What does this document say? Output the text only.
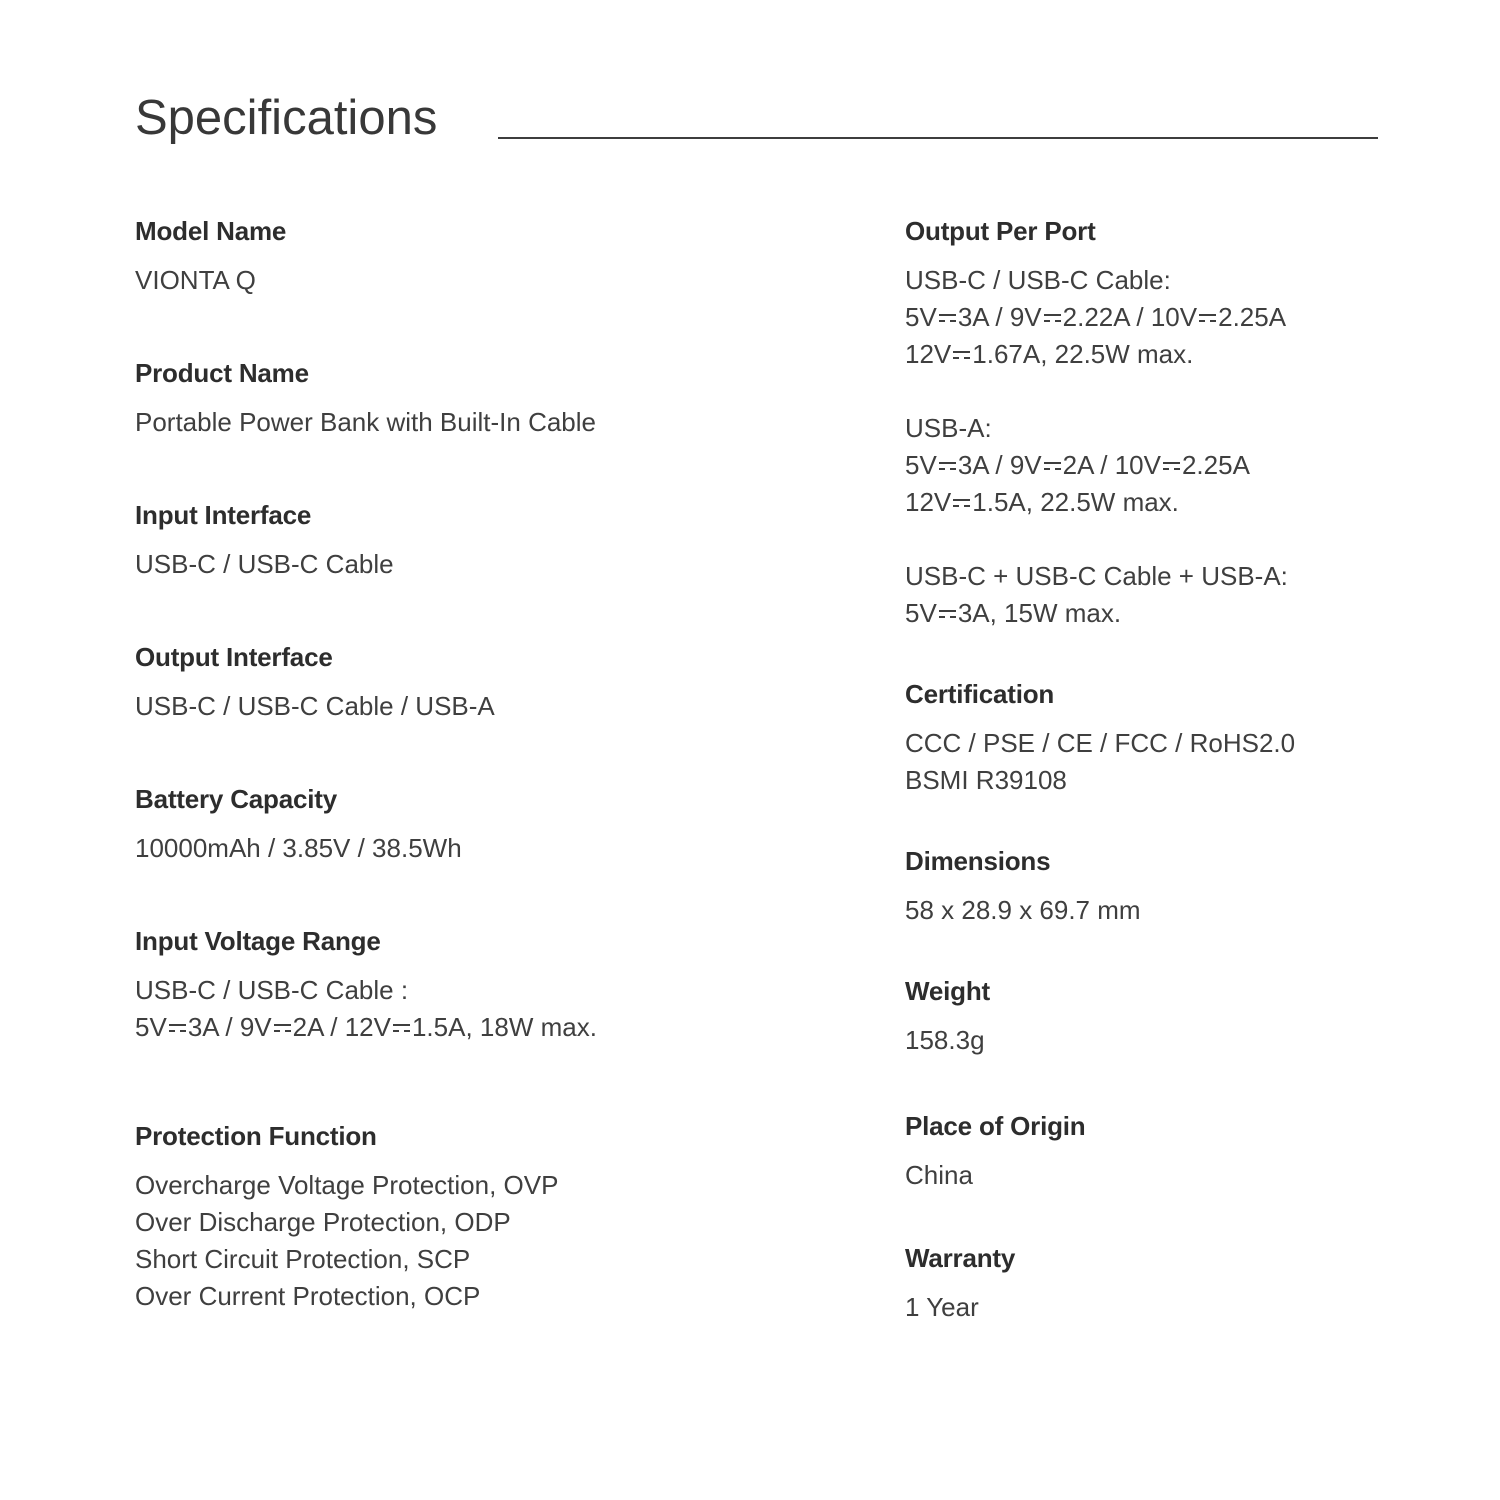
Specifications
Model Name

VIONTA Q

Product Name

Portable Power Bank with Built-In Cable

Input Interface

USB-C / USB-C Cable

Output Interface

USB-C / USB-C Cable / USB-A

Battery Capacity

10000mAh / 3.85V / 38.5Wh

Input Voltage Range

USB-C / USB-C Cable :

5V 3A / 9V 2A / 12V 1.5A, 18W max.

Protection Function

Overcharge Voltage Protection, OVP

Over Discharge Protection, ODP

Short Circuit Protection, SCP

Over Current Protection, OCP

Output Per Port

USB-C / USB-C Cable:

5V 3A / 9V 2.22A / 10V 2.25A

12V 1.67A, 22.5W max.

USB-A:

5V 3A / 9V 2A / 10V 2.25A

12V 1.5A, 22.5W max.

USB-C + USB-C Cable + USB-A:

5V 3A, 15W max.

Certification

CCC / PSE / CE / FCC / RoHS2.0

BSMI R39108

Dimensions

58 x 28.9 x 69.7 mm

Weight

158.3g

Place of Origin

China

Warranty

1 Year
